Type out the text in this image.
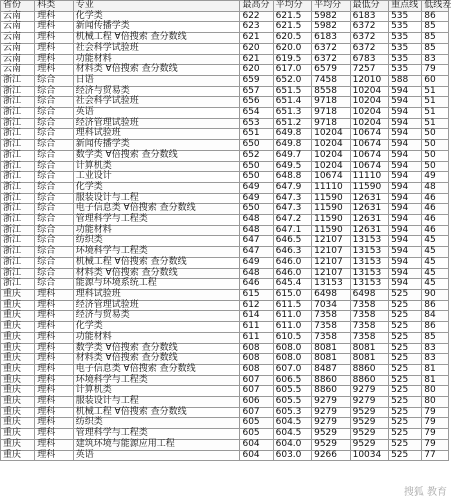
省份	科类	专业	最高分	平均分	平均分	最低分	重点线	低线差
云南	理科	化学类	622	621.5	5982	6183	535	86
云南	理科	新闻传播学类	623	621.5	5982	6372	535	85
云南	理科	机械工程 ∀倍搜索 查分数线	621	620.5	6183	6372	535	85
云南	理科	社会科学试验班	620	620.0	6372	6372	535	85
云南	理科	功能材料	621	619.5	6372	6783	535	83
云南	理科	材料类 ∀倍搜索 查分数线	620	617.0	6579	7257	535	79
浙江	综合	日语	659	652.0	7458	12010	588	60
浙江	综合	经济与贸易类	657	651.5	8558	10204	594	51
浙江	综合	社会科学试验班	656	651.4	9718	10204	594	51
浙江	综合	英语	654	651.3	9718	10204	594	51
浙江	综合	经济管理试验班	653	651.2	9718	10204	594	51
浙江	综合	理科试验班	651	649.8	10204	10674	594	50
浙江	综合	新闻传播学类	650	649.8	10204	10674	594	50
浙江	综合	数学类 ∀倍搜索 查分数线	652	649.7	10204	10674	594	50
浙江	综合	计算机类	650	649.5	10204	10674	594	50
浙江	综合	工业设计	650	648.8	10674	11110	594	49
浙江	综合	化学类	649	647.9	11110	11590	594	48
浙江	综合	服装设计与工程	649	647.3	11590	12631	594	46
浙江	综合	电子信息类 ∀倍搜索 查分数线	650	647.3	11590	12631	594	46
浙江	综合	管理科学与工程类	648	647.2	11590	12631	594	46
浙江	综合	功能材料	648	647.1	11590	12631	594	46
浙江	综合	纺织类	647	646.5	12107	13153	594	45
浙江	综合	环境科学与工程类	647	646.3	12107	13153	594	45
浙江	综合	机械工程 ∀倍搜索 查分数线	649	646.0	12107	13153	594	45
浙江	综合	材料类 ∀倍搜索 查分数线	648	646.0	12107	13153	594	45
浙江	综合	能源与环境系统工程	646	645.4	13153	13153	594	45
重庆	理科	理科试验班	615	615.0	6498	6498	525	90
重庆	理科	经济管理试验班	612	611.5	7034	7358	525	86
重庆	理科	经济与贸易类	614	611.0	7358	7358	525	84
重庆	理科	化学类	611	611.0	7358	7358	525	86
重庆	理科	功能材料	611	610.5	7358	7358	525	85
重庆	理科	数学类 ∀倍搜索 查分数线	608	608.0	8081	8081	525	83
重庆	理科	材料类 ∀倍搜索 查分数线	608	608.0	8081	8081	525	83
重庆	理科	电子信息类 ∀倍搜索 查分数线	608	607.0	8487	8860	525	81
重庆	理科	环境科学与工程类	607	606.5	8860	8860	525	81
重庆	理科	计算机类	607	605.5	8860	9279	525	80
重庆	理科	服装设计与工程	606	605.5	9279	9279	525	80
重庆	理科	机械工程 ∀倍搜索 查分数线	607	605.3	9279	9529	525	79
重庆	理科	纺织类	605	604.5	9279	9529	525	79
重庆	理科	管理科学与工程类	605	604.5	9529	9529	525	79
重庆	理科	建筑环境与能源应用工程	604	604.0	9529	9529	525	79
重庆	理科	英语	604	603.0	9266	10034	525	77
搜狐 教育
